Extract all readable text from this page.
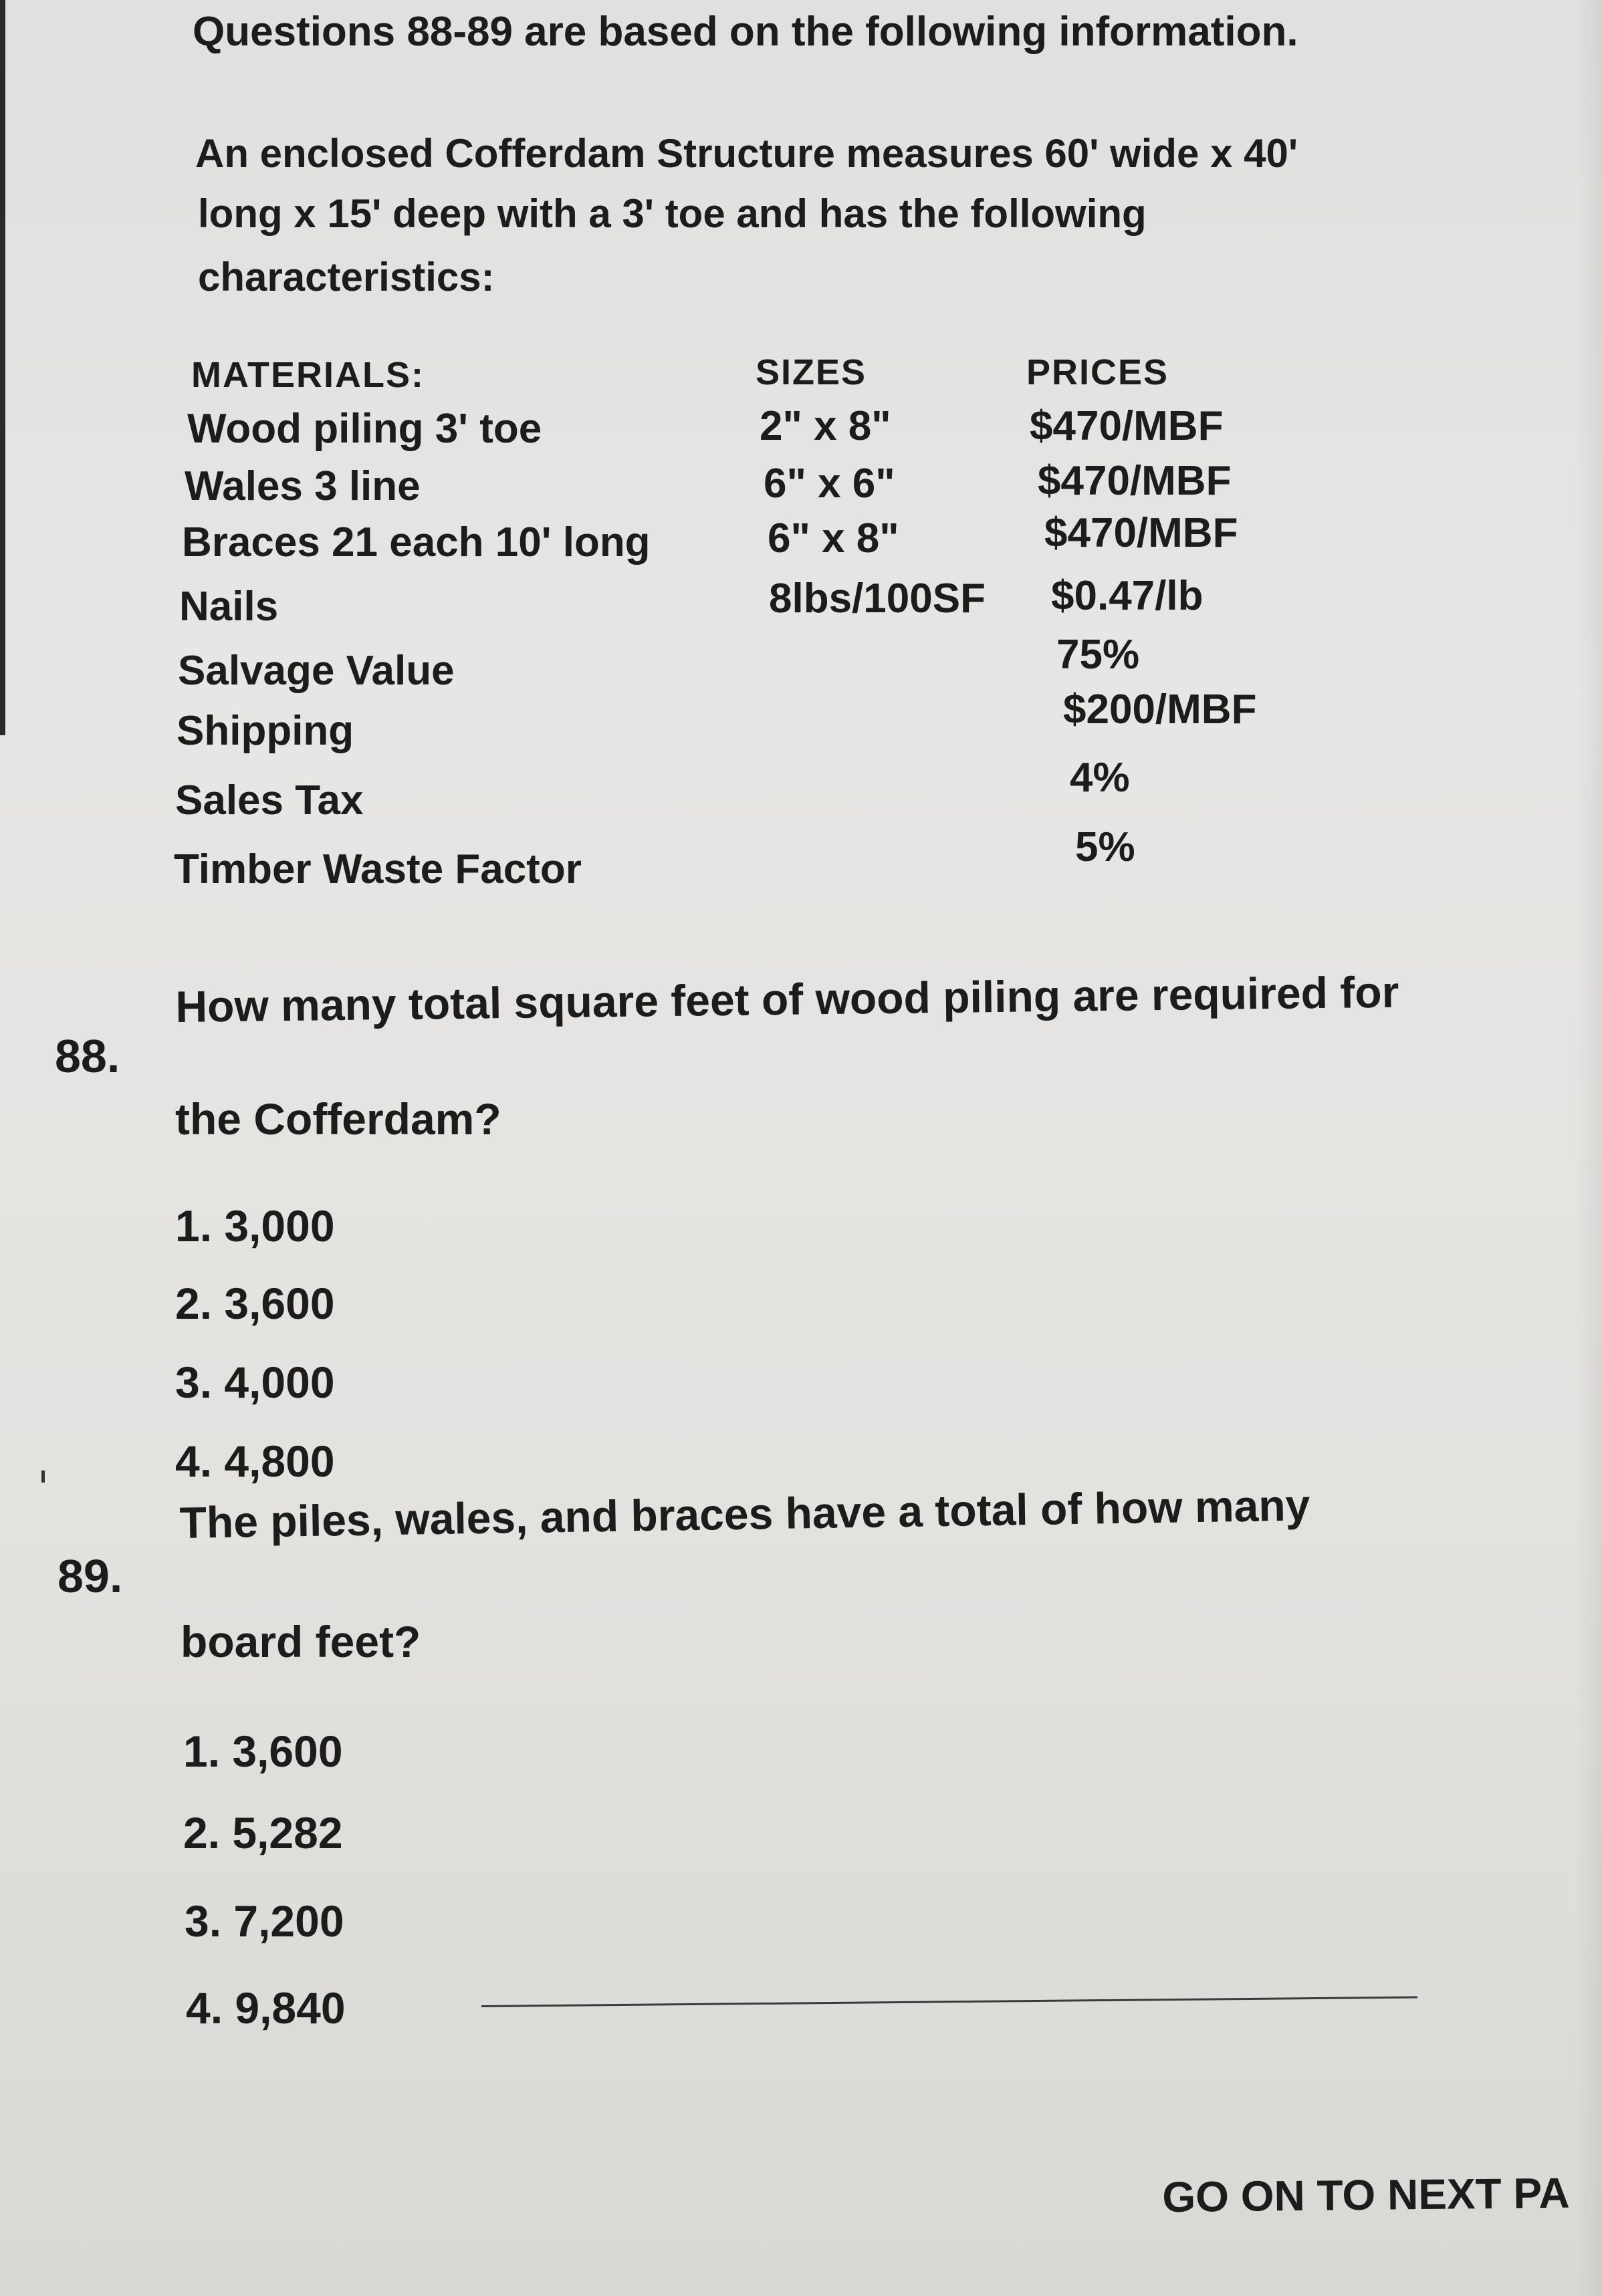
Questions 88-89 are based on the following information.
An enclosed Cofferdam Structure measures 60' wide x 40'
long x 15' deep with a 3' toe and has the following
characteristics:
MATERIALS:	SIZES	PRICES
Wood piling 3' toe
Wales 3 line
Braces 21 each 10' long
Nails
Salvage Value
Shipping
Sales Tax
Timber Waste Factor
2" x 8"
6" x 6"
6" x 8"
8lbs/100SF
$470/MBF
$470/MBF
$470/MBF
$0.47/lb
75%
$200/MBF
4%
5%
88.
How many total square feet of wood piling are required for
the Cofferdam?
1. 3,000
2. 3,600
3. 4,000
4. 4,800
89.
The piles, wales, and braces have a total of how many
board feet?
1. 3,600
2. 5,282
3. 7,200
4. 9,840
GO ON TO NEXT PA
